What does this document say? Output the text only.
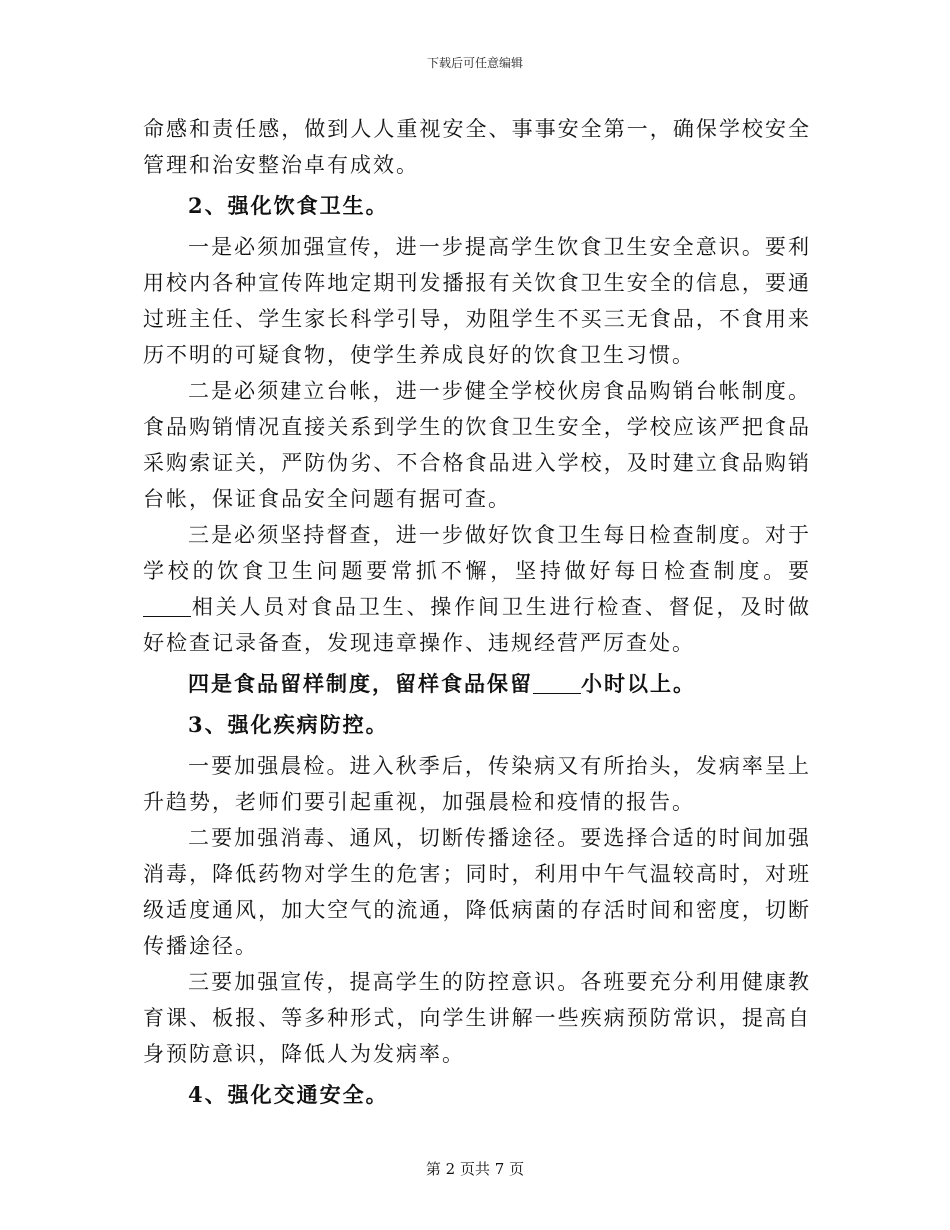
下载后可任意编辑

命感和责任感，做到人人重视安全、事事安全第一，确保学校安全管理和治安整治卓有成效。

2、强化饮食卫生。

一是必须加强宣传，进一步提高学生饮食卫生安全意识。要利用校内各种宣传阵地定期刊发播报有关饮食卫生安全的信息，要通过班主任、学生家长科学引导，劝阻学生不买三无食品，不食用来历不明的可疑食物，使学生养成良好的饮食卫生习惯。

二是必须建立台帐，进一步健全学校伙房食品购销台帐制度。食品购销情况直接关系到学生的饮食卫生安全，学校应该严把食品采购索证关，严防伪劣、不合格食品进入学校，及时建立食品购销台帐，保证食品安全问题有据可查。

三是必须坚持督查，进一步做好饮食卫生每日检查制度。对于学校的饮食卫生问题要常抓不懈，坚持做好每日检查制度。要相关人员对食品卫生、操作间卫生进行检查、督促，及时做好检查记录备查，发现违章操作、违规经营严厉查处。

四是食品留样制度，留样食品保留 小时以上。

3、强化疾病防控。

一要加强晨检。进入秋季后，传染病又有所抬头，发病率呈上升趋势，老师们要引起重视，加强晨检和疫情的报告。

二要加强消毒、通风，切断传播途径。要选择合适的时间加强消毒，降低药物对学生的危害；同时，利用中午气温较高时，对班级适度通风，加大空气的流通，降低病菌的存活时间和密度，切断传播途径。

三要加强宣传，提高学生的防控意识。各班要充分利用健康教育课、板报、等多种形式，向学生讲解一些疾病预防常识，提高自身预防意识，降低人为发病率。

4、强化交通安全。

第 2 页共 7 页
